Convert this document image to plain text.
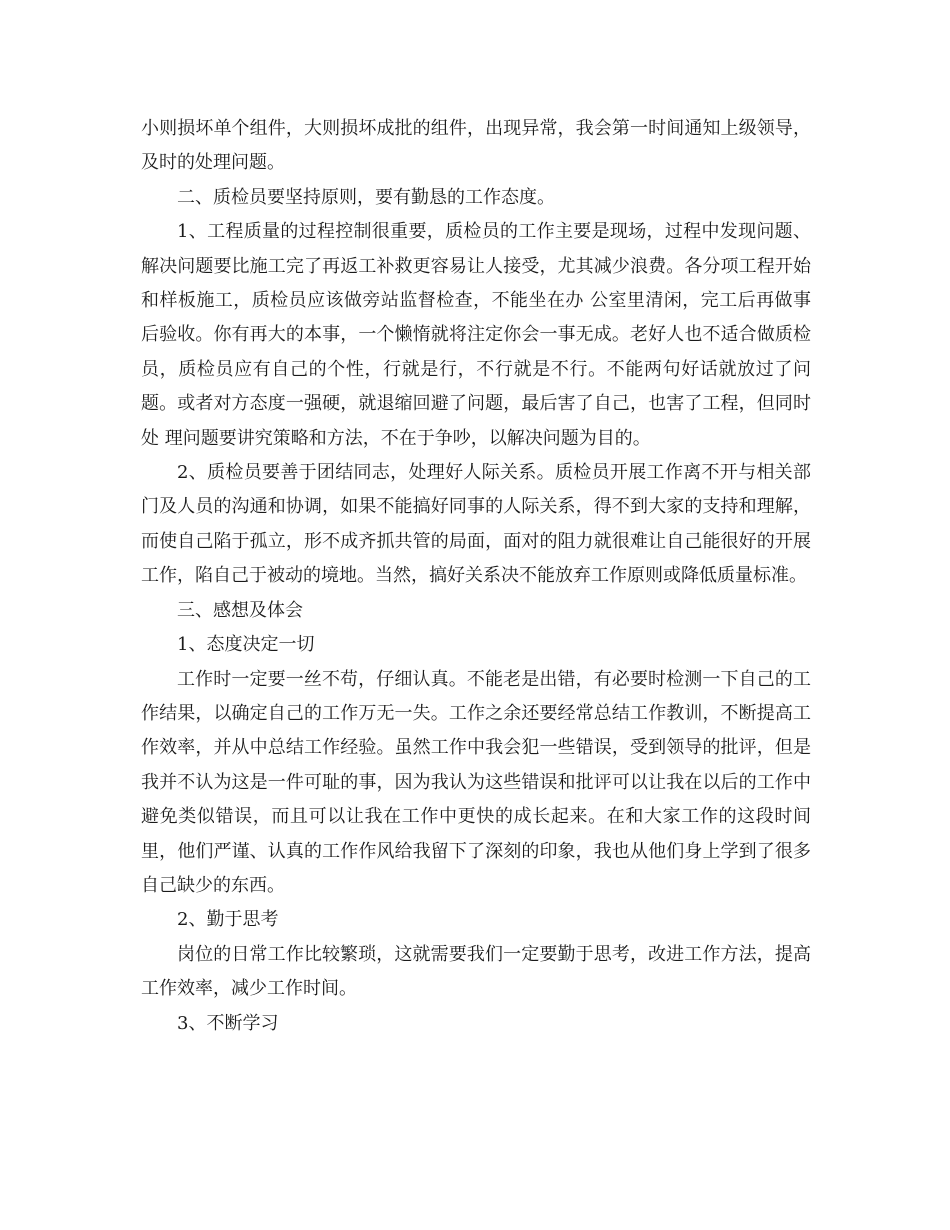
小则损坏单个组件，大则损坏成批的组件，出现异常，我会第一时间通知上级领导，及时的处理问题。

二、质检员要坚持原则，要有勤恳的工作态度。

1、工程质量的过程控制很重要，质检员的工作主要是现场，过程中发现问题、解决问题要比施工完了再返工补救更容易让人接受，尤其减少浪费。各分项工程开始和样板施工，质检员应该做旁站监督检查，不能坐在办 公室里清闲，完工后再做事后验收。你有再大的本事，一个懒惰就将注定你会一事无成。老好人也不适合做质检员，质检员应有自己的个性，行就是行，不行就是不行。不能两句好话就放过了问题。或者对方态度一强硬，就退缩回避了问题，最后害了自己，也害了工程，但同时处 理问题要讲究策略和方法，不在于争吵，以解决问题为目的。

2、质检员要善于团结同志，处理好人际关系。质检员开展工作离不开与相关部门及人员的沟通和协调，如果不能搞好同事的人际关系，得不到大家的支持和理解，而使自己陷于孤立，形不成齐抓共管的局面，面对的阻力就很难让自己能很好的开展工作，陷自己于被动的境地。当然，搞好关系决不能放弃工作原则或降低质量标准。

三、感想及体会

1、态度决定一切

工作时一定要一丝不苟，仔细认真。不能老是出错，有必要时检测一下自己的工作结果，以确定自己的工作万无一失。工作之余还要经常总结工作教训，不断提高工作效率，并从中总结工作经验。虽然工作中我会犯一些错误，受到领导的批评，但是我并不认为这是一件可耻的事，因为我认为这些错误和批评可以让我在以后的工作中避免类似错误，而且可以让我在工作中更快的成长起来。在和大家工作的这段时间里，他们严谨、认真的工作作风给我留下了深刻的印象，我也从他们身上学到了很多自己缺少的东西。

2、勤于思考

岗位的日常工作比较繁琐，这就需要我们一定要勤于思考，改进工作方法，提高工作效率，减少工作时间。

3、不断学习
